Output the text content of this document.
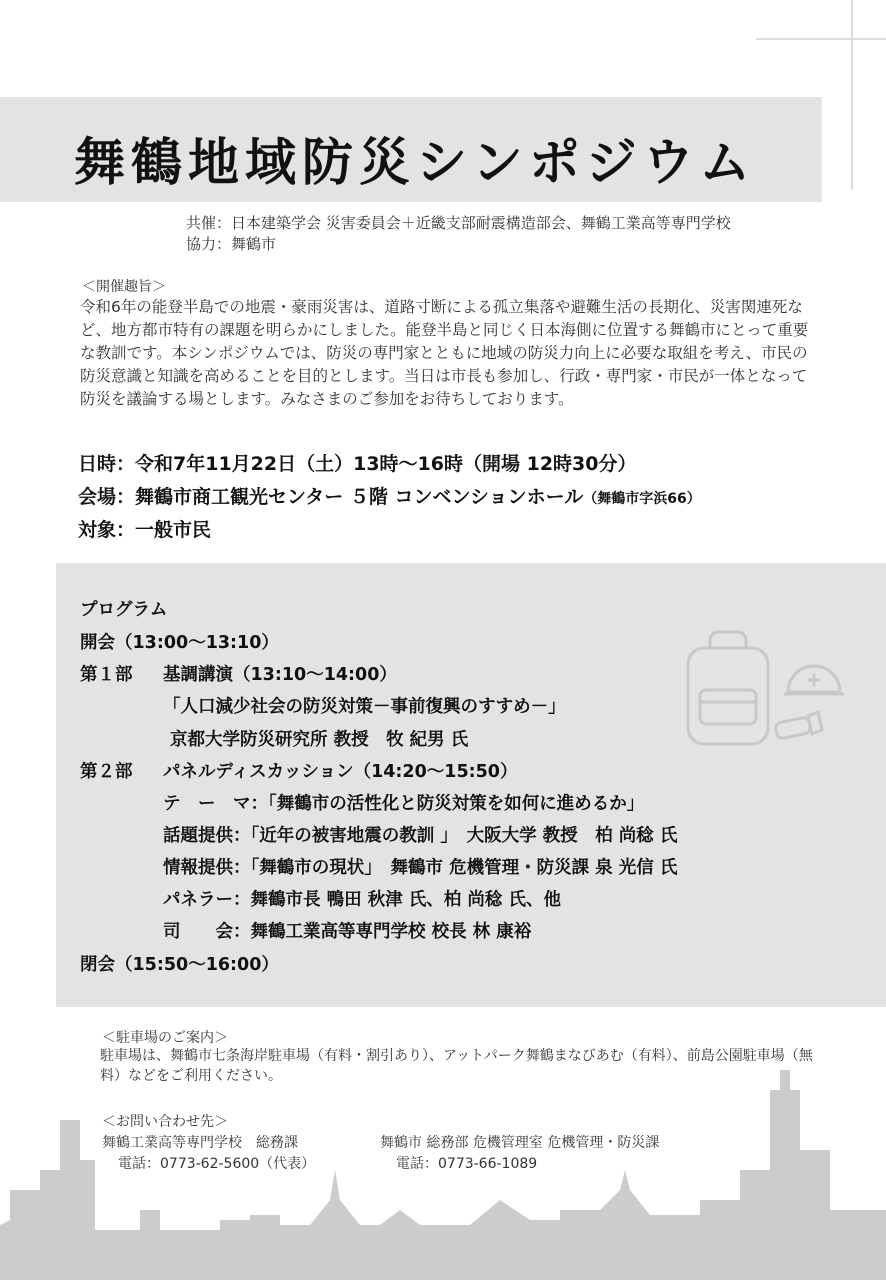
舞鶴地域防災シンポジウム
共催：日本建築学会 災害委員会＋近畿支部耐震構造部会、舞鶴工業高等専門学校
協力：舞鶴市
＜開催趣旨＞
令和6年の能登半島での地震・豪雨災害は、道路寸断による孤立集落や避難生活の長期化、災害関連死など、地方都市特有の課題を明らかにしました。能登半島と同じく日本海側に位置する舞鶴市にとって重要な教訓です。本シンポジウムでは、防災の専門家とともに地域の防災力向上に必要な取組を考え、市民の防災意識と知識を高めることを目的とします。当日は市長も参加し、行政・専門家・市民が一体となって防災を議論する場とします。みなさまのご参加をお待ちしております。
日時：令和7年11月22日（土）13時～16時（開場 12時30分）
会場：舞鶴市商工観光センター ５階 コンベンションホール（舞鶴市字浜66）
対象：一般市民
プログラム
開会（13:00～13:10）
第１部 基調講演（13:10～14:00）
「人口減少社会の防災対策－事前復興のすすめ－」
京都大学防災研究所 教授　牧 紀男 氏
第２部 パネルディスカッション（14:20～15:50）
テ　ー　マ：「舞鶴市の活性化と防災対策を如何に進めるか」
話題提供：「近年の被害地震の教訓 」　大阪大学 教授　柏 尚稔 氏
情報提供：「舞鶴市の現状」　舞鶴市 危機管理・防災課 泉 光信 氏
パネラー：舞鶴市長 鴨田 秋津 氏、柏 尚稔 氏、他
司　　会：舞鶴工業高等専門学校 校長 林 康裕
閉会（15:50～16:00）
＜駐車場のご案内＞
駐車場は、舞鶴市七条海岸駐車場（有料・割引あり）、アットパーク舞鶴まなびあむ（有料）、前島公園駐車場（無料）などをご利用ください。
＜お問い合わせ先＞
舞鶴工業高等専門学校　総務課
電話：0773-62-5600（代表）
舞鶴市 総務部 危機管理室 危機管理・防災課
電話：0773-66-1089
